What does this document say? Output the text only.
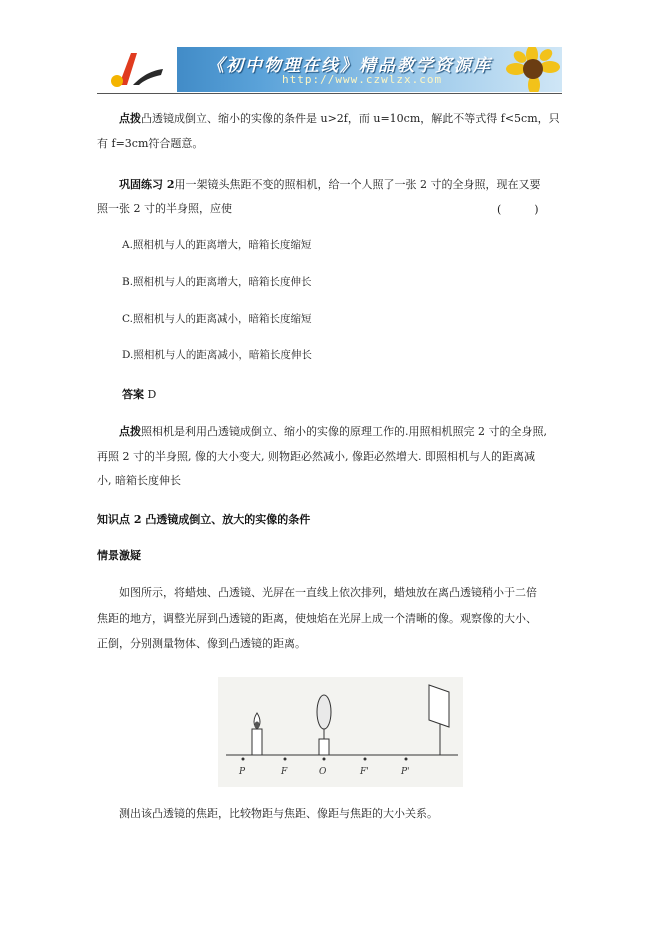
《初中物理在线》精品教学资源库
http://www.czwlzx.com
点拨凸透镜成倒立、缩小的实像的条件是 u>2f，而 u=10cm，解此不等式得 f<5cm，只
有 f=3cm符合题意。
巩固练习 2用一架镜头焦距不变的照相机，给一个人照了一张 2 寸的全身照，现在又要
照一张 2 寸的半身照，应使	(　　　)
A.照相机与人的距离增大，暗箱长度缩短
B.照相机与人的距离增大，暗箱长度伸长
C.照相机与人的距离减小，暗箱长度缩短
D.照相机与人的距离减小，暗箱长度伸长
答案 D
点拨照相机是利用凸透镜成倒立、缩小的实像的原理工作的.用照相机照完 2 寸的全身照,
再照 2 寸的半身照, 像的大小变大, 则物距必然减小, 像距必然增大. 即照相机与人的距离减
小, 暗箱长度伸长
知识点 2 凸透镜成倒立、放大的实像的条件
情景激疑
如图所示，将蜡烛、凸透镜、光屏在一直线上依次排列，蜡烛放在离凸透镜稍小于二倍
焦距的地方，调整光屏到凸透镜的距离，使烛焰在光屏上成一个清晰的像。观察像的大小、
正倒，分别测量物体、像到凸透镜的距离。
P	F	O	F'	P'
测出该凸透镜的焦距，比较物距与焦距、像距与焦距的大小关系。
